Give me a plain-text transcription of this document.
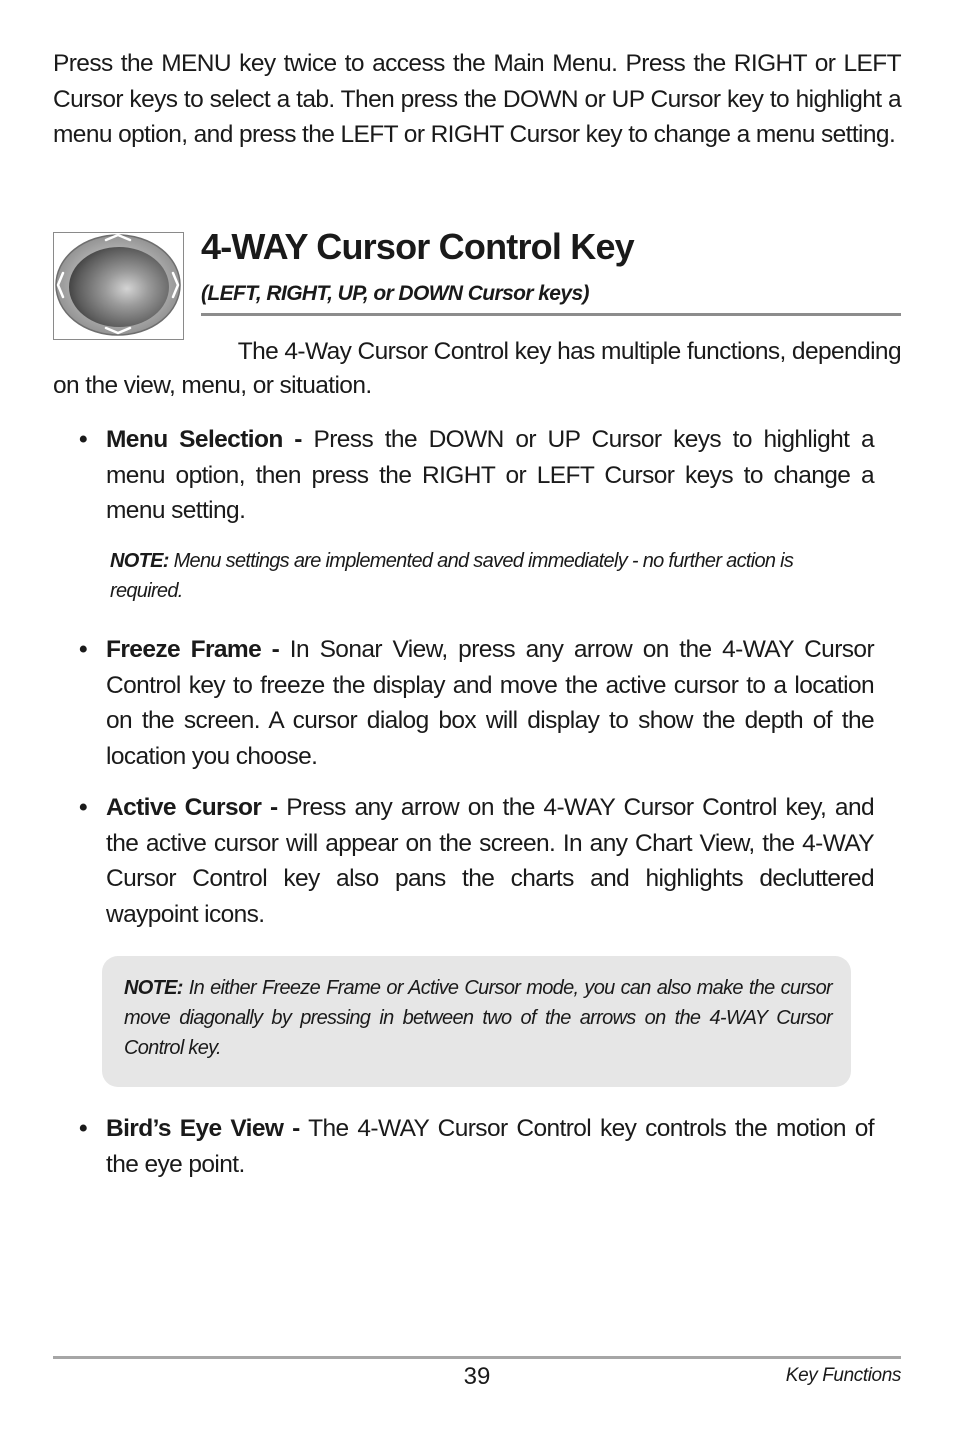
Press the MENU key twice to access the Main Menu. Press the RIGHT or LEFT Cursor keys to select a tab. Then press the DOWN or UP Cursor key to highlight a menu option, and press the LEFT or RIGHT Cursor key to change a menu setting.

4-WAY Cursor Control Key

(LEFT, RIGHT, UP, or DOWN Cursor keys)

The 4-Way Cursor Control key has multiple functions, depending

on the view, menu, or situation.

• Menu Selection - Press the DOWN or UP Cursor keys to highlight a menu option, then press the RIGHT or LEFT Cursor keys to change a menu setting.

NOTE: Menu settings are implemented and saved immediately - no further action is required.

• Freeze Frame - In Sonar View, press any arrow on the 4-WAY Cursor Control key to freeze the display and move the active cursor to a location on the screen. A cursor dialog box will display to show the depth of the location you choose.

• Active Cursor - Press any arrow on the 4-WAY Cursor Control key, and the active cursor will appear on the screen. In any Chart View, the 4-WAY Cursor Control key also pans the charts and highlights decluttered waypoint icons.

NOTE: In either Freeze Frame or Active Cursor mode, you can also make the cursor move diagonally by pressing in between two of the arrows on the 4-WAY Cursor Control key.

• Bird’s Eye View - The 4-WAY Cursor Control key controls the motion of the eye point.

39	Key Functions
